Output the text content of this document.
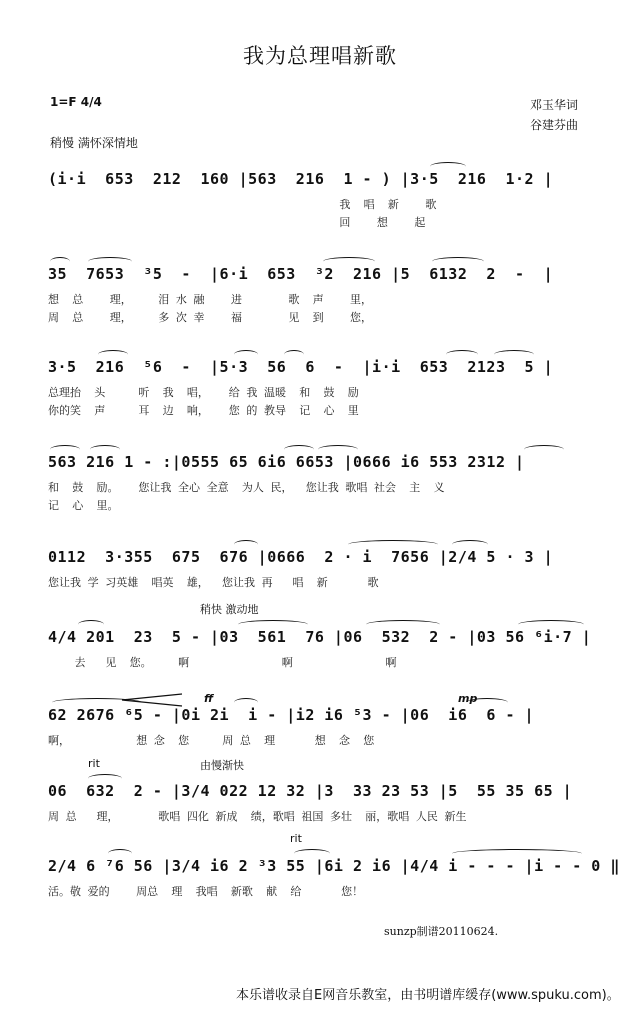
我为总理唱新歌
1=F 4/4	邓玉华词
谷建芬曲
稍慢 满怀深情地
(i·i  653  212  160 |563  216  1 - ) |3·5  216  1·2 |
我  唱  新    歌
回    想    起
35  7653  ³5  -  |6·i  653  ³2  216 |5  6132  2  -  |
想  总    理，    泪 水 融    进       歌  声    里，
周  总    理，    多 次 幸    福       见  到    您，
3·5  216  ⁵6  -  |5·3  56  6  -  |i·i  653  2123  5 |
总理抬  头     听  我  唱，   给 我 温暖  和  鼓  励
你的笑  声     耳  边  响，   您 的 教导  记  心  里
563 216 1 - :|0555 65 6i6 6653 |0666 i6 553 2312 |
和  鼓  励。   您让我 全心 全意  为人 民，  您让我 歌唱 社会  主  义
记  心  里。
0112  3·355  675  676 |0666  2 · i  7656 |2/4 5 · 3 |
您让我 学 习英雄  唱英  雄，  您让我 再   唱  新      歌
稍快 激动地
4/4 201  23  5 - |03  561  76 |06  532  2 - |03 56 ⁶i·7 |
去   见  您。    啊              啊              啊
ff	mp
62 2676 ⁶5 - |0i 2i  i - |i2 i6 ⁵3 - |06  i6  6 - |
啊，          想 念  您     周 总  理      想  念  您
rit	由慢渐快
06  632  2 - |3/4 022 12 32 |3  33 23 53 |5  55 35 65 |
周 总   理，      歌唱 四化 新成  绩，歌唱 祖国 多壮  丽，歌唱 人民 新生
rit
2/4 6 ⁷6 56 |3/4 i6 2 ³3 55 |6i 2 i6 |4/4 i - - - |i - - 0 ‖
活。敬 爱的    周总  理  我唱  新歌  献  给      您！
sunzp制谱20110624.
本乐谱收录自E网音乐教室，由书明谱库缓存(www.spuku.com)。
